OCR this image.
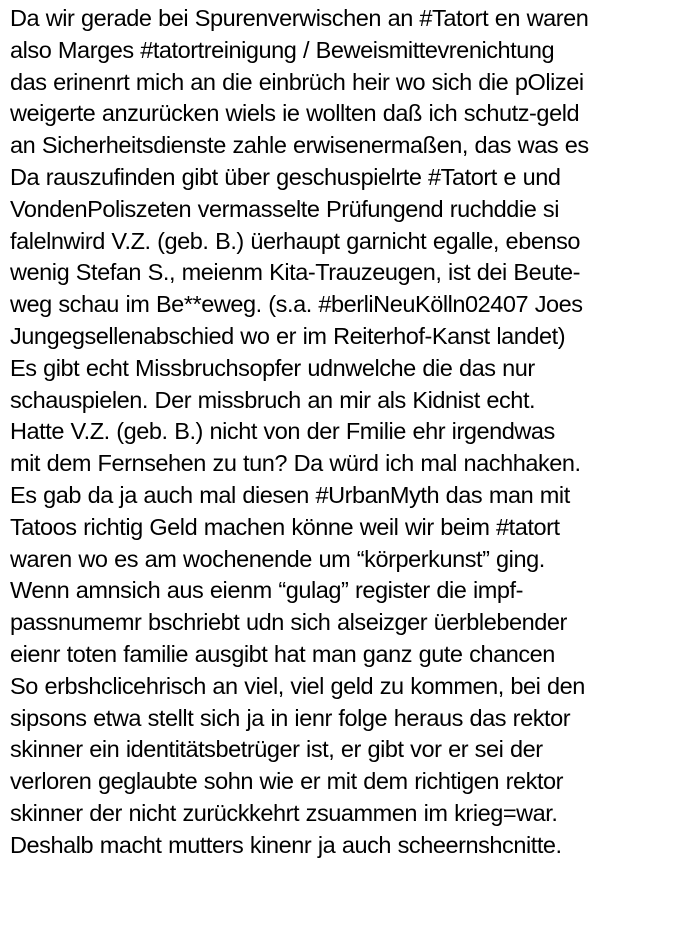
Da wir gerade bei Spurenverwischen an #Tatort en waren
also Marges #tatortreinigung / Beweismittevrenichtung
das erinenrt mich an die einbrüch heir wo sich die pOlizei
weigerte anzurücken wiels ie wollten daß ich schutz-geld
an Sicherheitsdienste zahle erwisenermaßen, das was es
Da rauszufinden gibt über geschuspielrte #Tatort e und
VondenPoliszeten vermasselte Prüfungend ruchddie si
falelnwird V.Z. (geb. B.) üerhaupt garnicht egalle, ebenso
wenig Stefan S., meienm Kita-Trauzeugen, ist dei Beute-
weg schau im Be**eweg. (s.a. #berliNeuKölln02407 Joes
Jungegsellenabschied wo er im Reiterhof-Kanst landet)
Es gibt echt Missbruchsopfer udnwelche die das nur
schauspielen. Der missbruch an mir als Kidnist echt.
Hatte V.Z. (geb. B.) nicht von der Fmilie ehr irgendwas
mit dem Fernsehen zu tun? Da würd ich mal nachhaken.
Es gab da ja auch mal diesen #UrbanMyth das man mit
Tatoos richtig Geld machen könne weil wir beim #tatort
waren wo es am wochenende um “körperkunst” ging.
Wenn amnsich aus eienm “gulag” register die impf-
passnumemr bschriebt udn sich alseizger üerblebender
eienr toten familie ausgibt hat man ganz gute chancen
So erbshclicehrisch an viel, viel geld zu kommen, bei den
sipsons etwa stellt sich ja in ienr folge heraus das rektor
skinner ein identitätsbetrüger ist, er gibt vor er sei der
verloren geglaubte sohn wie er mit dem richtigen rektor
skinner der nicht zurückkehrt zsuammen im krieg=war.
Deshalb macht mutters kinenr ja auch scheernshcnitte.
